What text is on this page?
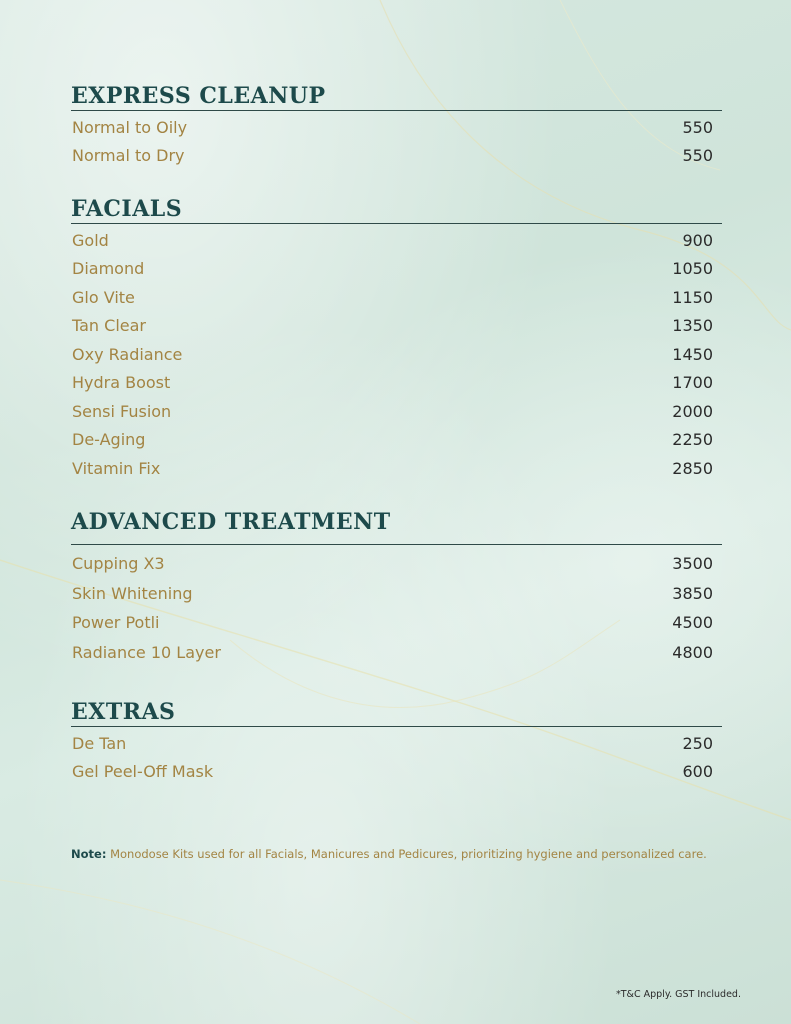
EXPRESS CLEANUP
Normal to Oily	550
Normal to Dry	550
FACIALS
Gold	900
Diamond	1050
Glo Vite	1150
Tan Clear	1350
Oxy Radiance	1450
Hydra Boost	1700
Sensi Fusion	2000
De-Aging	2250
Vitamin Fix	2850
ADVANCED TREATMENT
Cupping X3	3500
Skin Whitening	3850
Power Potli	4500
Radiance 10 Layer	4800
EXTRAS
De Tan	250
Gel Peel-Off Mask	600
Note: Monodose Kits used for all Facials, Manicures and Pedicures, prioritizing hygiene and personalized care.
*T&C Apply. GST Included.
